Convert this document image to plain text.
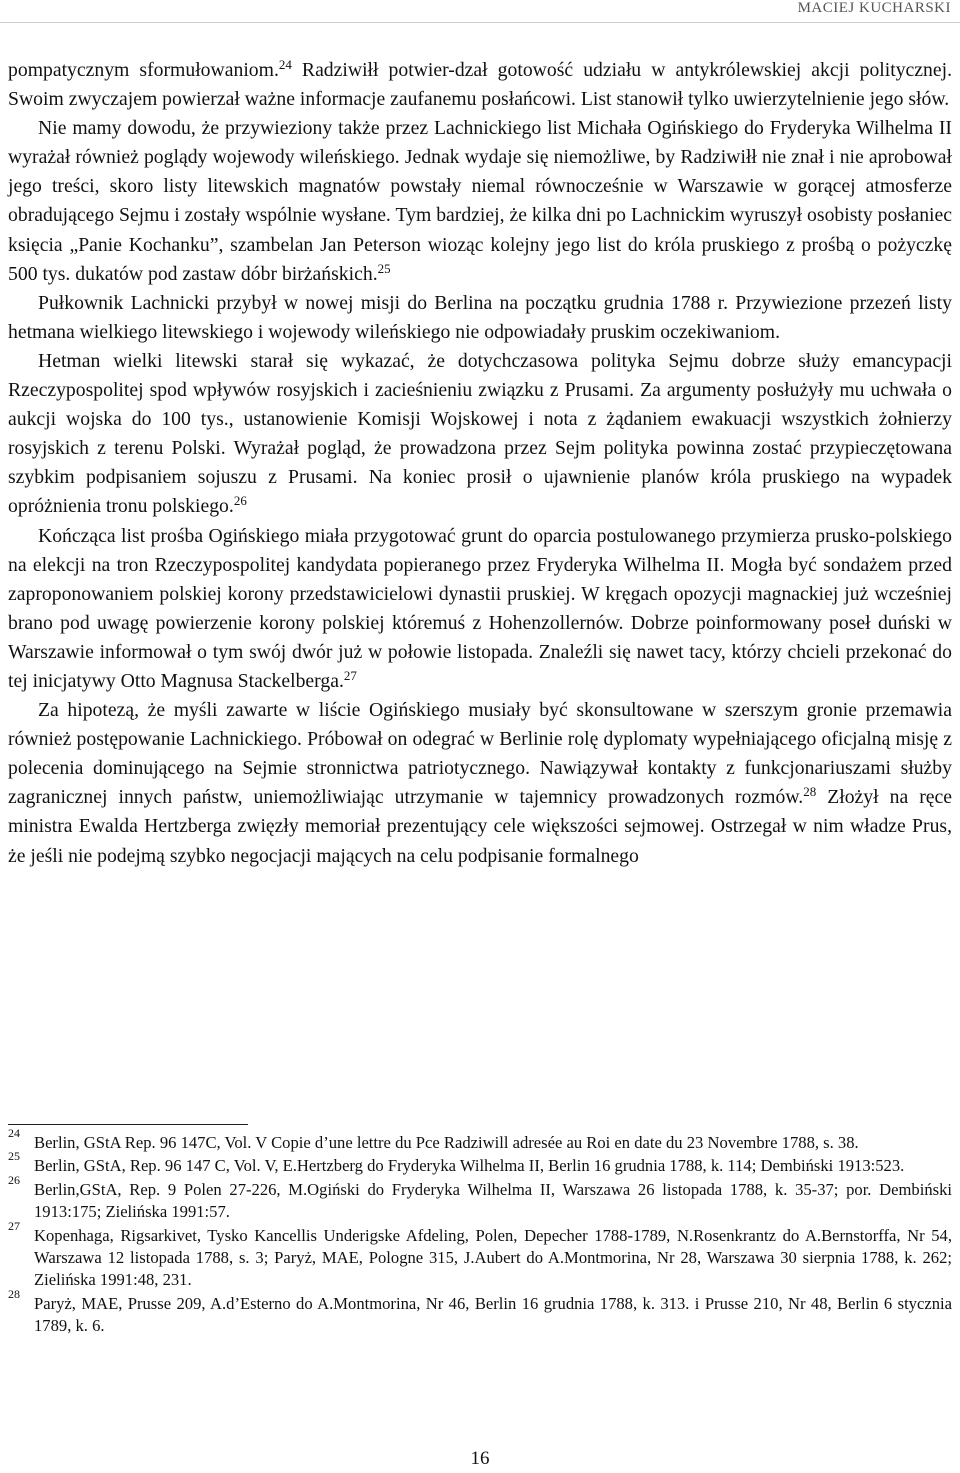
MACIEJ KUCHARSKI

pompatycznym sformułowaniom.$^{24}$ Radziwiłł potwier-dzał gotowość udziału w antykrólewskiej akcji politycznej. Swoim zwyczajem powierzał ważne informacje zaufanemu posłańcowi. List stanowił tylko uwierzytelnienie jego słów.

Nie mamy dowodu, że przywieziony także przez Lachnickiego list Michała Ogińskiego do Fryderyka Wilhelma II wyrażał również poglądy wojewody wileńskiego. Jednak wydaje się niemożliwe, by Radziwiłł nie znał i nie aprobował jego treści, skoro listy litewskich magnatów powstały niemal równocześnie w Warszawie w gorącej atmosferze obradującego Sejmu i zostały wspólnie wysłane. Tym bardziej, że kilka dni po Lachnickim wyruszył osobisty posłaniec księcia „Panie Kochanku”, szambelan Jan Peterson wioząc kolejny jego list do króla pruskiego z prośbą o pożyczkę 500 tys. dukatów pod zastaw dóbr birżańskich.$^{25}$

Pułkownik Lachnicki przybył w nowej misji do Berlina na początku grudnia 1788 r. Przywiezione przezeń listy hetmana wielkiego litewskiego i wojewody wileńskiego nie odpowiadały pruskim oczekiwaniom.

Hetman wielki litewski starał się wykazać, że dotychczasowa polityka Sejmu dobrze służy emancypacji Rzeczypospolitej spod wpływów rosyjskich i zacieśnieniu związku z Prusami. Za argumenty posłużyły mu uchwała o aukcji wojska do 100 tys., ustanowienie Komisji Wojskowej i nota z żądaniem ewakuacji wszystkich żołnierzy rosyjskich z terenu Polski. Wyrażał pogląd, że prowadzona przez Sejm polityka powinna zostać przypieczętowana szybkim podpisaniem sojuszu z Prusami. Na koniec prosił o ujawnienie planów króla pruskiego na wypadek opróżnienia tronu polskiego.$^{26}$

Kończąca list prośba Ogińskiego miała przygotować grunt do oparcia postulowanego przymierza prusko-polskiego na elekcji na tron Rzeczypospolitej kandydata popieranego przez Fryderyka Wilhelma II. Mogła być sondażem przed zaproponowaniem polskiej korony przedstawicielowi dynastii pruskiej. W kręgach opozycji magnackiej już wcześniej brano pod uwagę powierzenie korony polskiej któremuś z Hohenzollernów. Dobrze poinformowany poseł duński w Warszawie informował o tym swój dwór już w połowie listopada. Znaleźli się nawet tacy, którzy chcieli przekonać do tej inicjatywy Otto Magnusa Stackelberga.$^{27}$

Za hipotezą, że myśli zawarte w liście Ogińskiego musiały być skonsultowane w szerszym gronie przemawia również postępowanie Lachnickiego. Próbował on odegrać w Berlinie rolę dyplomaty wypełniającego oficjalną misję z polecenia dominującego na Sejmie stronnictwa patriotycznego. Nawiązywał kontakty z funkcjonariuszami służby zagranicznej innych państw, uniemożliwiając utrzymanie w tajemnicy prowadzonych rozmów.$^{28}$ Złożył na ręce ministra Ewalda Hertzberga zwięzły memoriał prezentujący cele większości sejmowej. Ostrzegał w nim władze Prus, że jeśli nie podejmą szybko negocjacji mających na celu podpisanie formalnego

24 Berlin, GStA Rep. 96 147C, Vol. V Copie d’une lettre du Pce Radziwill adresée au Roi en date du 23 Novembre 1788, s. 38.
25 Berlin, GStA, Rep. 96 147 C, Vol. V, E.Hertzberg do Fryderyka Wilhelma II, Berlin 16 grudnia 1788, k. 114; Dembiński 1913:523.
26 Berlin,GStA, Rep. 9 Polen 27-226, M.Ogiński do Fryderyka Wilhelma II, Warszawa 26 listopada 1788, k. 35-37; por. Dembiński 1913:175; Zielińska 1991:57.
27 Kopenhaga, Rigsarkivet, Tysko Kancellis Underigske Afdeling, Polen, Depecher 1788-1789, N.Rosenkrantz do A.Bernstorffa, Nr 54, Warszawa 12 listopada 1788, s. 3; Paryż, MAE, Pologne 315, J.Aubert do A.Montmorina, Nr 28, Warszawa 30 sierpnia 1788, k. 262; Zielińska 1991:48, 231.
28 Paryż, MAE, Prusse 209, A.d’Esterno do A.Montmorina, Nr 46, Berlin 16 grudnia 1788, k. 313. i Prusse 210, Nr 48, Berlin 6 stycznia 1789, k. 6.
16
